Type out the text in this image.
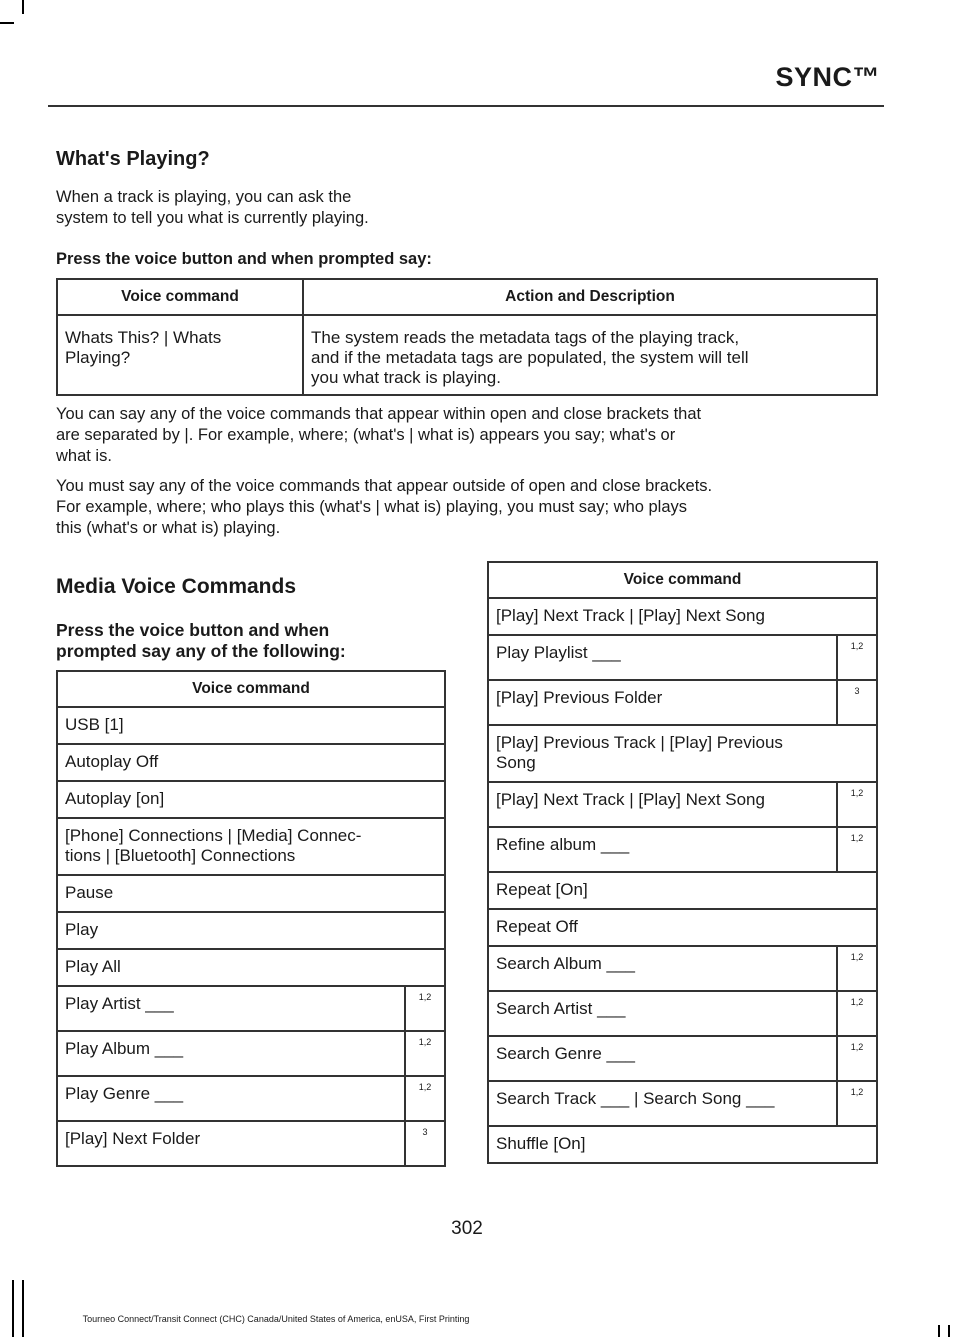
SYNC™
What's Playing?

When a track is playing, you can ask the
system to tell you what is currently playing.

Press the voice button and when prompted say:

Voice command	Action and Description

Whats This? | Whats
Playing?	The system reads the metadata tags of the playing track,
and if the metadata tags are populated, the system will tell
you what track is playing.

You can say any of the voice commands that appear within open and close brackets that
are separated by |. For example, where; (what's | what is) appears you say; what's or
what is.

You must say any of the voice commands that appear outside of open and close brackets.
For example, where; who plays this (what's | what is) playing, you must say; who plays
this (what's or what is) playing.

Media Voice Commands

Press the voice button and when
prompted say any of the following:

Voice command	

USB [1]	

Autoplay Off	

Autoplay [on]	

[Phone] Connections | [Media] Connec-
tions | [Bluetooth] Connections	

Pause	

Play	

Play All	

Play Artist ___	1,2

Play Album ___	1,2

Play Genre ___	1,2

[Play] Next Folder	3
Voice command	

[Play] Next Track | [Play] Next Song	

Play Playlist ___	1,2

[Play] Previous Folder	3

[Play] Previous Track | [Play] Previous
Song	

[Play] Next Track | [Play] Next Song	1,2

Refine album ___	1,2

Repeat [On]	

Repeat Off	

Search Album ___	1,2

Search Artist ___	1,2

Search Genre ___	1,2

Search Track ___ | Search Song ___	1,2

Shuffle [On]	
302
Tourneo Connect/Transit Connect (CHC) Canada/United States of America, enUSA, First Printing
